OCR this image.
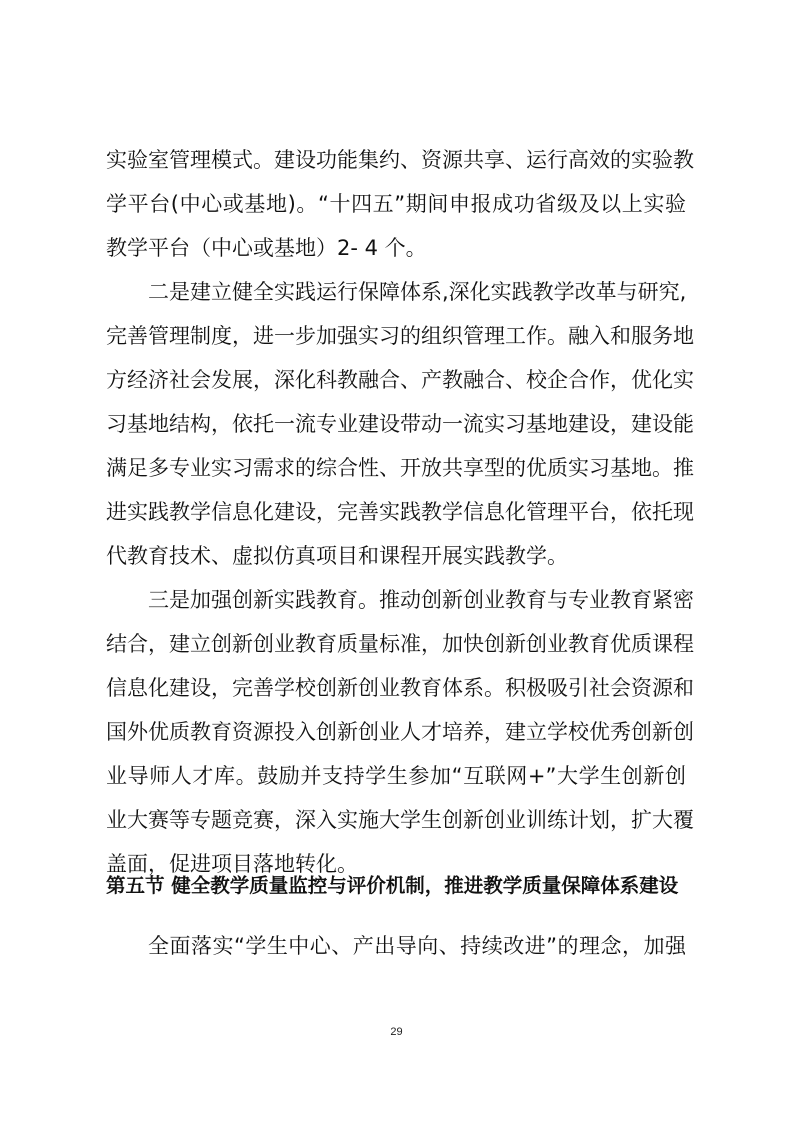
实验室管理模式。建设功能集约、资源共享、运行高效的实验教
学平台(中心或基地)。“十四五”期间申报成功省级及以上实验
教学平台（中心或基地）2- 4 个。
二是建立健全实践运行保障体系,深化实践教学改革与研究,
完善管理制度，进一步加强实习的组织管理工作。融入和服务地
方经济社会发展，深化科教融合、产教融合、校企合作，优化实
习基地结构，依托一流专业建设带动一流实习基地建设，建设能
满足多专业实习需求的综合性、开放共享型的优质实习基地。推
进实践教学信息化建设，完善实践教学信息化管理平台，依托现
代教育技术、虚拟仿真项目和课程开展实践教学。
三是加强创新实践教育。推动创新创业教育与专业教育紧密
结合，建立创新创业教育质量标准，加快创新创业教育优质课程
信息化建设，完善学校创新创业教育体系。积极吸引社会资源和
国外优质教育资源投入创新创业人才培养，建立学校优秀创新创
业导师人才库。鼓励并支持学生参加“互联网+”大学生创新创
业大赛等专题竞赛，深入实施大学生创新创业训练计划，扩大覆
盖面，促进项目落地转化。
第五节 健全教学质量监控与评价机制，推进教学质量保障体系建设
全面落实“学生中心、产出导向、持续改进”的理念，加强
29
